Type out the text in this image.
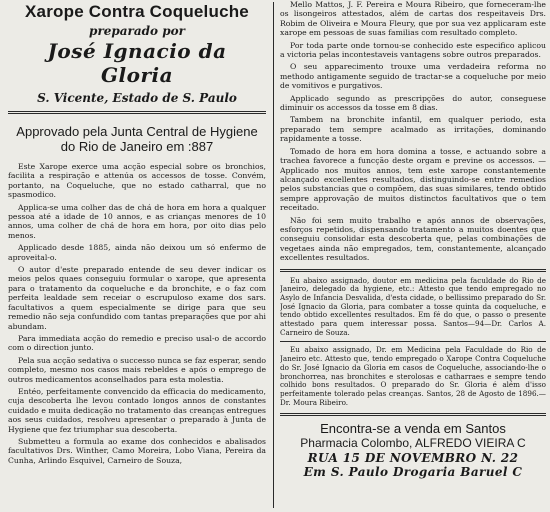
Xarope Contra Coqueluche
preparado por
José Ignacio da Gloria
S. Vicente, Estado de S. Paulo
Approvado pela Junta Central de Hygiene do Rio de Janeiro em :887

Este Xarope exerce uma acção especial sobre os bronchios, facilita a respiração e attenúa os accessos de tosse. Convém, portanto, na Coqueluche, que no estado catharral, que no spasmodico.

Applica-se uma colher das de chá de hora em hora a qualquer pessoa até a idade de 10 annos, e as crianças menores de 10 annos, uma colher de chá de hora em hora, por oito dias pelo menos.

Applicado desde 1885, ainda não deixou um só enfermo de aproveital-o.

O autor d'este preparado entende de seu dever indicar os meios pelos quaes conseguiu formular o xarope, que apresenta para o tratamento da coqueluche e da bronchite, e o faz com perfeita lealdade sem receiar o escrupuloso exame dos sars. facultativos a quem especialmente se dirige para que seu remedio não seja confundido com tantas preparações que por ahi abundam.

Para immediata acção do remedio e preciso usal-o de accordo com o direction junto.

Pela sua acção sedativa o successo nunca se faz esperar, sendo completo, mesmo nos casos mais rebeldes e após o emprego de outros medicamentos aconselhados para esta molestia.

Entéo, perfeitamente convencido da efficacia do medicamento, cuja descoberta lhe levou contado longos annos de constantes cuidado e muita dedicação no tratamento das creanças entregues aos seus cuidados, resolveu apresentar o preparado à Junta de Hygiene que fez triumphar sua descoberta.

Submetteu a formula ao exame dos conhecidos e abalisados facultativos Drs. Winther, Camo Moreira, Lobo Viana, Pereira da Cunha, Arlindo Esquivel, Carneiro de Souza,

Mello Mattos, J. F. Pereira e Moura Ribeiro, que forneceram-lhe os lisongeiros attestados, além de cartas dos respeitaveis Drs. Robim de Oliveira e Moura Fleury, que por sua vez applicaram este xarope em pessoas de suas familias com resultado completo.

Por toda parte onde tornou-se conhecido este especifico aplicou a victoria pelas incontestaveis vantagens sobre outros preparados.

O seu apparecimento trouxe uma verdadeira reforma no methodo antigamente seguido de tractar-se a coqueluche por meio de vomitivos e purgativos.

Applicado segundo as prescripções do autor, conseguese diminuir os accessos da tosse em 8 dias.

Tambem na bronchite infantil, em qualquer periodo, esta preparado tem sempre acalmado as irritações, dominando rapidamente a tosse.

Tomado de hora em hora domina a tosse, e actuando sobre a trachea favorece a funcção deste orgam e previne os accessos. — Applicado nos muitos annos, tem este xarope constantemente alcançado excellentes resultados, distinguindo-se entre remedios pelos substancias que o compõem, das suas similares, tendo obtido sempre approvação de muitos distinctos facultativos que o tem receitado.

Não foi sem muito trabalho e após annos de observações, esforços repetidos, dispensando tratamento a muitos doentes que conseguiu consolidar esta descoberta que, pelas combinações de vegetaes ainda não empregados, tem, constantemente, alcançado excellentes resultados.

Eu abaixo assignado, doutor em medicina pela faculdade do Rio de Janeiro, delegado da hygiene, etc.: Attesto que tendo empregado no Asylo de Infancia Desvalida, d'esta cidade, o bellissimo preparado do Sr. José Ignacio da Gloria, para combater a tosse quinta da coqueluche, e tendo obtido excellentes resultados. Em fé do que, o passo o presente attestado para quem interessar possa. Santos—94—Dr. Carlos A. Carneiro de Souza.

Eu abaixo assignado, Dr. em Medicina pela Faculdade do Rio de Janeiro etc. Attesto que, tendo empregado o Xarope Contra Coqueluche do Sr. José Ignacio da Gloria em casos de Coqueluche, associando-lhe o bronchorrea, nas bronchites e sterolosas e catharraes e sempre tendo colhido bons resultados. O preparado do Sr. Gloria é além d'isso perfeitamente tolerado pelas creanças. Santos, 28 de Agosto de 1896.—Dr. Moura Ribeiro.

Encontra-se a venda em Santos
Pharmacia Colombo, ALFREDO VIEIRA C
RUA 15 DE NOVEMBRO N. 22
Em S. Paulo Drogaria Baruel C
